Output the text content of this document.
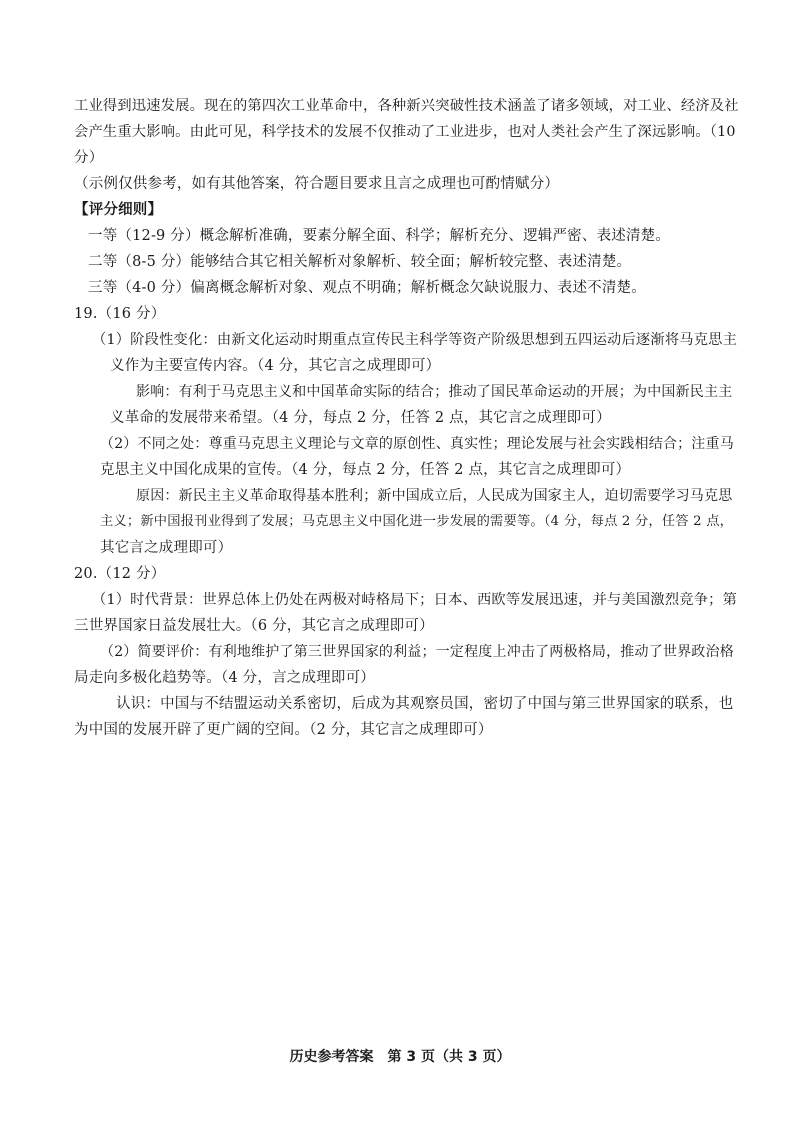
工业得到迅速发展。现在的第四次工业革命中，各种新兴突破性技术涵盖了诸多领域，对工业、经济及社
会产生重大影响。由此可见，科学技术的发展不仅推动了工业进步，也对人类社会产生了深远影响。（10
分）
（示例仅供参考，如有其他答案，符合题目要求且言之成理也可酌情赋分）
【评分细则】
一等（12-9 分）概念解析准确，要素分解全面、科学；解析充分、逻辑严密、表述清楚。
二等（8-5 分）能够结合其它相关解析对象解析、较全面；解析较完整、表述清楚。
三等（4-0 分）偏离概念解析对象、观点不明确；解析概念欠缺说服力、表述不清楚。
19.（16 分）
（1）阶段性变化：由新文化运动时期重点宣传民主科学等资产阶级思想到五四运动后逐渐将马克思主
义作为主要宣传内容。（4 分，其它言之成理即可）
影响：有利于马克思主义和中国革命实际的结合；推动了国民革命运动的开展；为中国新民主主
义革命的发展带来希望。（4 分，每点 2 分，任答 2 点，其它言之成理即可）
（2）不同之处：尊重马克思主义理论与文章的原创性、真实性；理论发展与社会实践相结合；注重马
克思主义中国化成果的宣传。（4 分，每点 2 分，任答 2 点，其它言之成理即可）
原因：新民主主义革命取得基本胜利；新中国成立后，人民成为国家主人，迫切需要学习马克思
主义；新中国报刊业得到了发展；马克思主义中国化进一步发展的需要等。（4 分，每点 2 分，任答 2 点，
其它言之成理即可）
20.（12 分）
（1）时代背景：世界总体上仍处在两极对峙格局下；日本、西欧等发展迅速，并与美国激烈竞争；第
三世界国家日益发展壮大。（6 分，其它言之成理即可）
（2）简要评价：有利地维护了第三世界国家的利益；一定程度上冲击了两极格局，推动了世界政治格
局走向多极化趋势等。（4 分，言之成理即可）
认识：中国与不结盟运动关系密切，后成为其观察员国，密切了中国与第三世界国家的联系，也
为中国的发展开辟了更广阔的空间。（2 分，其它言之成理即可）
历史参考答案　第 3 页（共 3 页）
